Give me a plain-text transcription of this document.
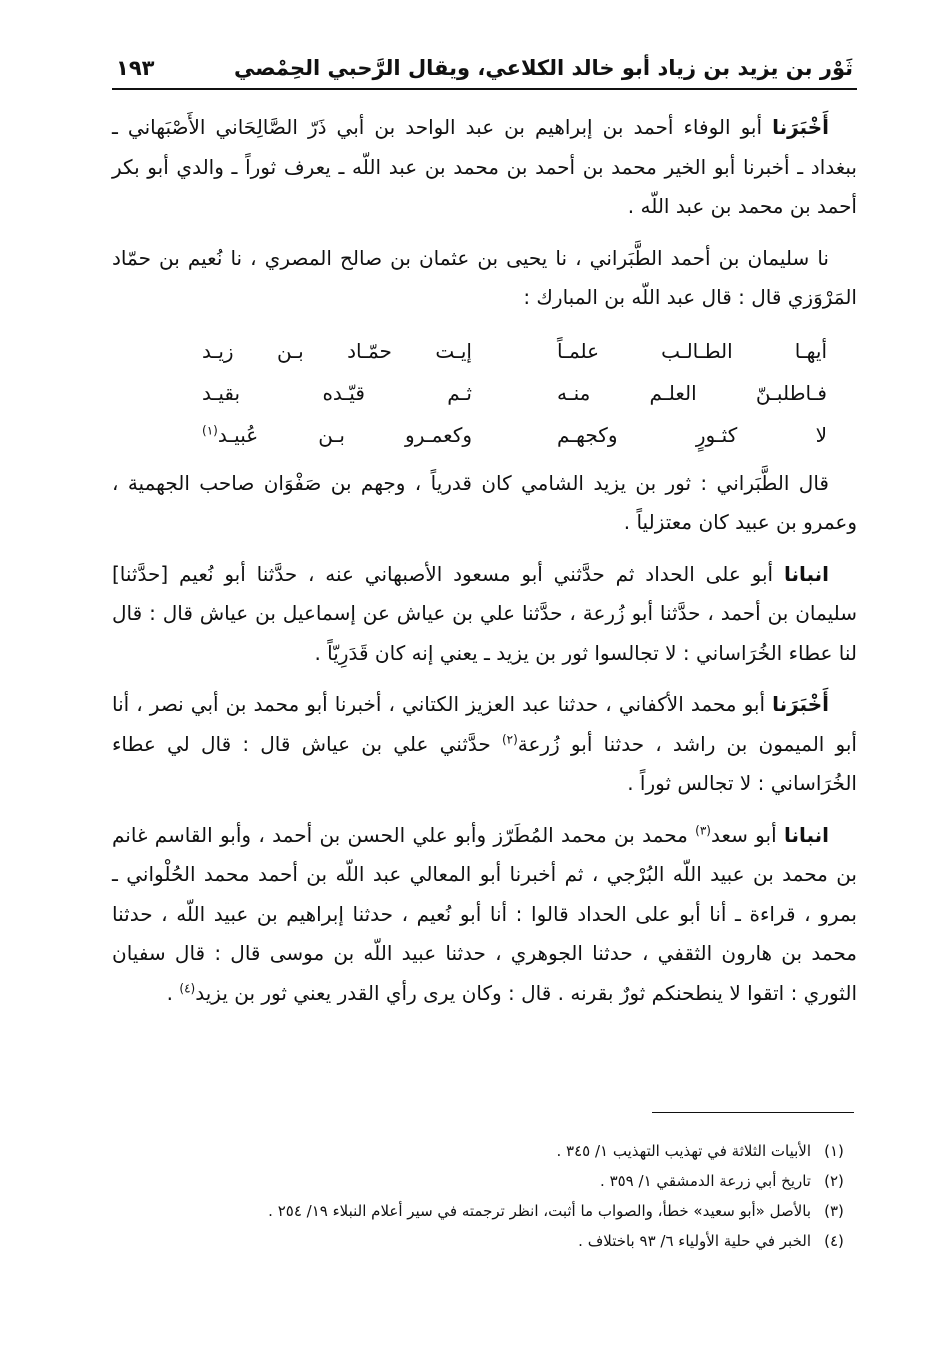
ثَوْر بن يزيد بن زياد أبو خالد الكلاعي، ويقال الرَّحبي الحِمْصي
١٩٣

أَخْبَرَنا أبو الوفاء أحمد بن إبراهيم بن عبد الواحد بن أبي ذَرّ الصَّالِحَاني الأَصْبَهاني ـ ببغداد ـ أخبرنا أبو الخير محمد بن أحمد بن محمد بن عبد اللّه ـ يعرف ثوراً ـ والدي أبو بكر أحمد بن محمد بن عبد اللّه .

نا سليمان بن أحمد الطَّبَراني ، نا يحيى بن عثمان بن صالح المصري ، نا نُعيم بن حمّاد المَرْوَزي قال : قال عبد اللّه بن المبارك :

أيهـا الطـالـب علمـاً
إيـت حمّـاد بـن زيـد
فـاطلبـنّ العلـم منـه
ثـم قيّـده بقيـد
لا كثـورٍ وكجهـم
وكعمـرو بـن عُبيـد$^{(١)}$

قال الطَّبَراني : ثور بن يزيد الشامي كان قدرياً ، وجهم بن صَفْوَان صاحب الجهمية ، وعمرو بن عبيد كان معتزلياً .

انبانا أبو على الحداد ثم حدَّثني أبو مسعود الأصبهاني عنه ، حدَّثنا أبو نُعيم [حدَّثنا] سليمان بن أحمد ، حدَّثنا أبو زُرعة ، حدَّثنا علي بن عياش عن إسماعيل بن عياش قال : قال لنا عطاء الخُرَاساني : لا تجالسوا ثور بن يزيد ـ يعني إنه كان قَدَرِيّاً .

أَخْبَرَنا أبو محمد الأكفاني ، حدثنا عبد العزيز الكتاني ، أخبرنا أبو محمد بن أبي نصر ، أنا أبو الميمون بن راشد ، حدثنا أبو زُرعة$^{(٢)}$ حدَّثني علي بن عياش قال : قال لي عطاء الخُرَاساني : لا تجالس ثوراً .

انبانا أبو سعد$^{(٣)}$ محمد بن محمد المُطَرّز وأبو علي الحسن بن أحمد ، وأبو القاسم غانم بن محمد بن عبيد اللّه البُرْجي ، ثم أخبرنا أبو المعالي عبد اللّه بن أحمد محمد الحُلْواني ـ بمرو ، قراءة ـ أنا أبو على الحداد قالوا : أنا أبو نُعيم ، حدثنا إبراهيم بن عبيد اللّه ، حدثنا محمد بن هارون الثقفي ، حدثنا الجوهري ، حدثنا عبيد اللّه بن موسى قال : قال سفيان الثوري : اتقوا لا ينطحنكم ثورٌ بقرنه . قال : وكان يرى رأي القدر يعني ثور بن يزيد$^{(٤)}$ .

(١)
الأبيات الثلاثة في تهذيب التهذيب ١/ ٣٤٥ .
(٢)
تاريخ أبي زرعة الدمشقي ١/ ٣٥٩ .
(٣)
بالأصل «أبو سعيد» خطأ، والصواب ما أثبت، انظر ترجمته في سير أعلام النبلاء ١٩/ ٢٥٤ .
(٤)
الخبر في حلية الأولياء ٦/ ٩٣ باختلاف .
